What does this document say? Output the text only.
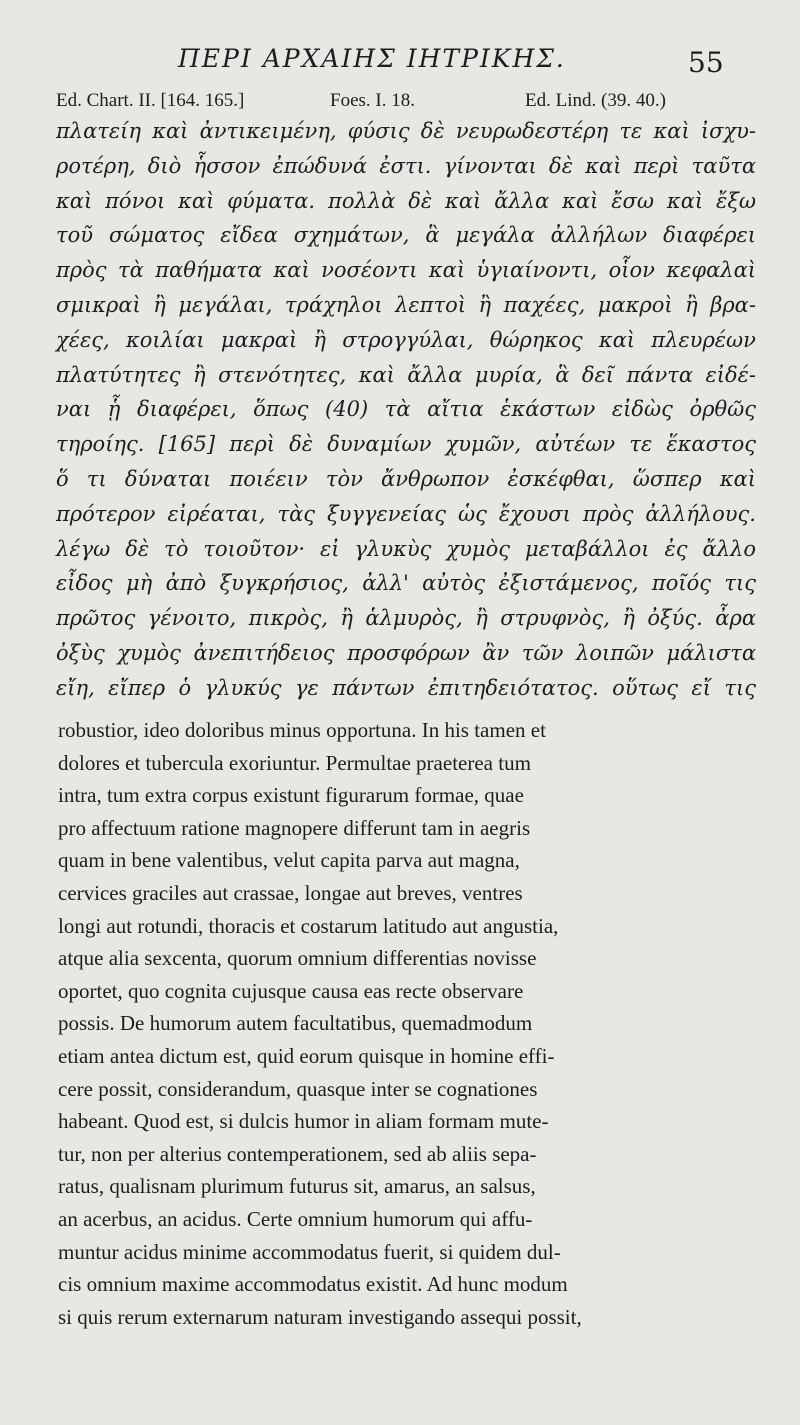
ΠΕΡΙ ΑΡΧΑΙΗΣ ΙΗΤΡΙΚΗΣ.	55
Ed. Chart. II. [164. 165.]	Foes. I. 18.	Ed. Lind. (39. 40.)
πλατείη καὶ ἀντικειμένη, φύσις δὲ νευρωδεστέρη τε καὶ ἰσχυ-
ροτέρη, διὸ ἧσσον ἐπώδυνά ἐστι. γίνονται δὲ καὶ περὶ ταῦτα
καὶ πόνοι καὶ φύματα. πολλὰ δὲ καὶ ἄλλα καὶ ἔσω καὶ ἔξω
τοῦ σώματος εἴδεα σχημάτων, ἃ μεγάλα ἀλλήλων διαφέρει
πρὸς τὰ παθήματα καὶ νοσέοντι καὶ ὑγιαίνοντι, οἷον κεφαλαὶ
σμικραὶ ἢ μεγάλαι, τράχηλοι λεπτοὶ ἢ παχέες, μακροὶ ἢ βρα-
χέες, κοιλίαι μακραὶ ἢ στρογγύλαι, θώρηκος καὶ πλευρέων
πλατύτητες ἢ στενότητες, καὶ ἄλλα μυρία, ἃ δεῖ πάντα εἰδέ-
ναι ᾗ διαφέρει, ὅπως (40) τὰ αἴτια ἑκάστων εἰδὼς ὀρθῶς
τηροίης. [165] περὶ δὲ δυναμίων χυμῶν, αὐτέων τε ἕκαστος
ὅ τι δύναται ποιέειν τὸν ἄνθρωπον ἐσκέφθαι, ὥσπερ καὶ
πρότερον εἰρέαται, τὰς ξυγγενείας ὡς ἔχουσι πρὸς ἀλλήλους.
λέγω δὲ τὸ τοιοῦτον· εἰ γλυκὺς χυμὸς μεταβάλλοι ἐς ἄλλο
εἶδος μὴ ἀπὸ ξυγκρήσιος, ἀλλ' αὐτὸς ἐξιστάμενος, ποῖός τις
πρῶτος γένοιτο, πικρὸς, ἢ ἁλμυρὸς, ἢ στρυφνὸς, ἢ ὀξύς. ἆρα
ὀξὺς χυμὸς ἀνεπιτήδειος προσφόρων ἂν τῶν λοιπῶν μάλιστα
εἴη, εἴπερ ὁ γλυκύς γε πάντων ἐπιτηδειότατος. οὕτως εἴ τις
robustior, ideo doloribus minus opportuna. In his tamen et
dolores et tubercula exoriuntur. Permultae praeterea tum
intra, tum extra corpus existunt figurarum formae, quae
pro affectuum ratione magnopere differunt tam in aegris
quam in bene valentibus, velut capita parva aut magna,
cervices graciles aut crassae, longae aut breves, ventres
longi aut rotundi, thoracis et costarum latitudo aut angustia,
atque alia sexcenta, quorum omnium differentias novisse
oportet, quo cognita cujusque causa eas recte observare
possis. De humorum autem facultatibus, quemadmodum
etiam antea dictum est, quid eorum quisque in homine effi-
cere possit, considerandum, quasque inter se cognationes
habeant. Quod est, si dulcis humor in aliam formam mute-
tur, non per alterius contemperationem, sed ab aliis sepa-
ratus, qualisnam plurimum futurus sit, amarus, an salsus,
an acerbus, an acidus. Certe omnium humorum qui affu-
muntur acidus minime accommodatus fuerit, si quidem dul-
cis omnium maxime accommodatus existit. Ad hunc modum
si quis rerum externarum naturam investigando assequi possit,
